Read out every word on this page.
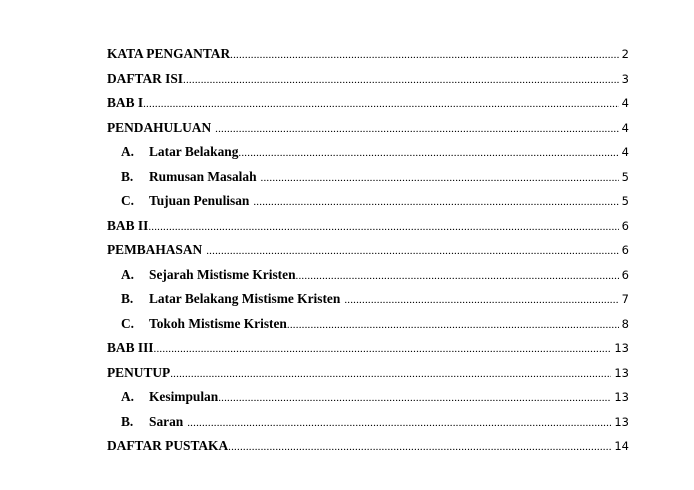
KATA PENGANTAR .....	2
DAFTAR ISI .....	3
BAB I .....	4
PENDAHULUAN .....	4
A.	Latar Belakang .....	4
B.	Rumusan Masalah .....	5
C.	Tujuan Penulisan .....	5
BAB II .....	6
PEMBAHASAN .....	6
A.	Sejarah Mistisme Kristen .....	6
B.	Latar Belakang Mistisme Kristen .....	7
C.	Tokoh Mistisme Kristen .....	8
BAB III .....	13
PENUTUP .....	13
A.	Kesimpulan .....	13
B.	Saran .....	13
DAFTAR PUSTAKA .....	14
